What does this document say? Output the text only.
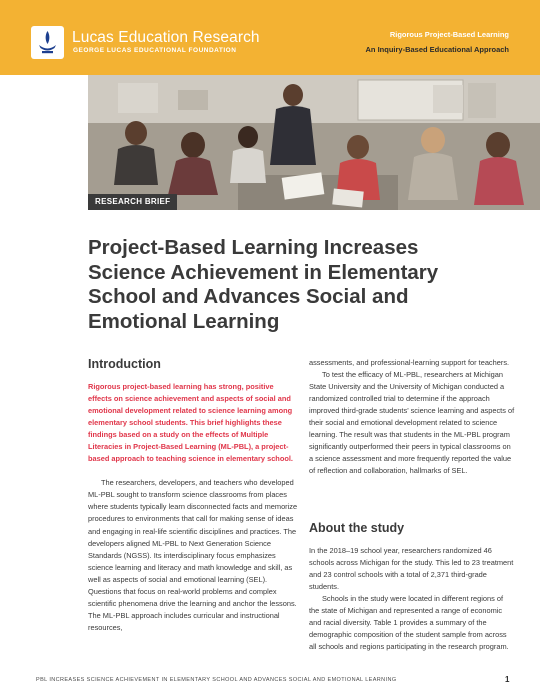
Lucas Education Research
GEORGE LUCAS EDUCATIONAL FOUNDATION
Rigorous Project-Based Learning
An Inquiry-Based Educational Approach
RESEARCH BRIEF
Project-Based Learning Increases Science Achievement in Elementary School and Advances Social and Emotional Learning
Introduction

Rigorous project-based learning has strong, positive effects on science achievement and aspects of social and emotional development related to science learning among elementary school students. This brief highlights these findings based on a study on the effects of Multiple Literacies in Project-Based Learning (ML-PBL), a project-based approach to teaching science in elementary school.

The researchers, developers, and teachers who developed ML-PBL sought to transform science classrooms from places where students typically learn disconnected facts and memorize procedures to environments that call for making sense of ideas and engaging in real-life scientific disciplines and practices. The developers aligned ML-PBL to Next Generation Science Standards (NGSS). Its interdisciplinary focus emphasizes science learning and literacy and math knowledge and skill, as well as aspects of social and emotional learning (SEL). Questions that focus on real-world problems and complex scientific phenomena drive the learning and anchor the lessons. The ML-PBL approach includes curricular and instructional resources,

assessments, and professional-learning support for teachers.

To test the efficacy of ML-PBL, researchers at Michigan State University and the University of Michigan conducted a randomized controlled trial to determine if the approach improved third-grade students’ science learning and aspects of their social and emotional development related to science learning. The result was that students in the ML-PBL program significantly outperformed their peers in typical classrooms on a science assessment and more frequently reported the value of reflection and collaboration, hallmarks of SEL.

About the study

In the 2018–19 school year, researchers randomized 46 schools across Michigan for the study. This led to 23 treatment and 23 control schools with a total of 2,371 third-grade students.

Schools in the study were located in different regions of the state of Michigan and represented a range of economic and racial diversity. Table 1 provides a summary of the demographic composition of the student sample from across all schools and regions participating in the research program.

PBL INCREASES SCIENCE ACHIEVEMENT IN ELEMENTARY SCHOOL AND ADVANCES SOCIAL AND EMOTIONAL LEARNING	1
